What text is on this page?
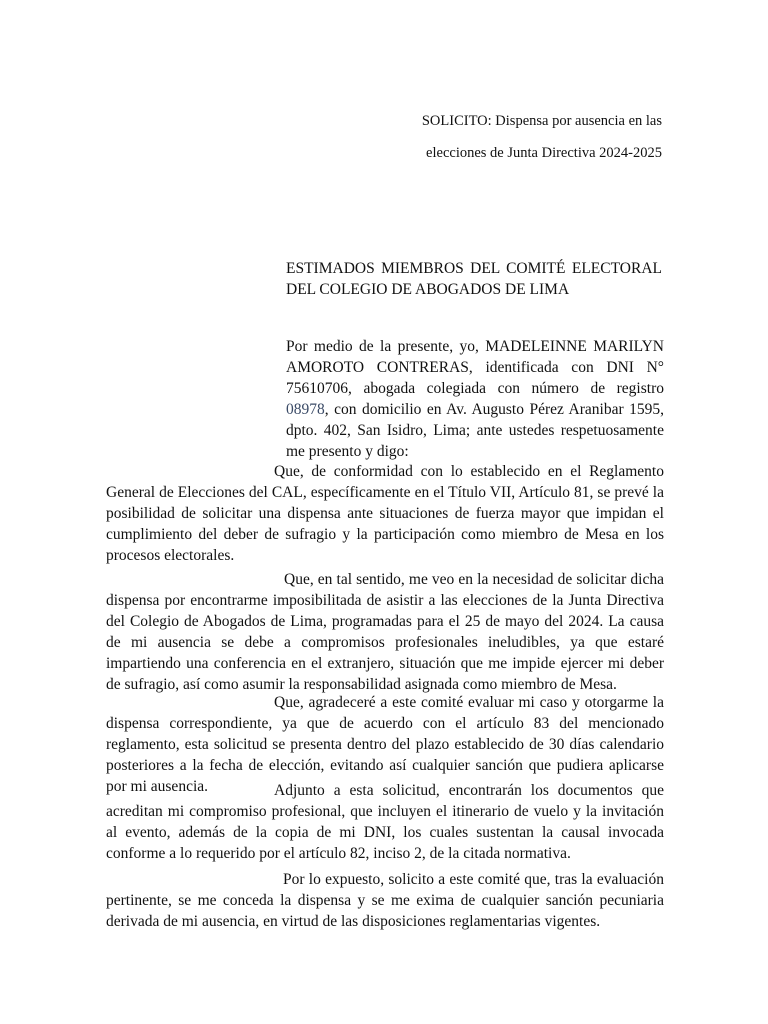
SOLICITO: Dispensa por ausencia en las
elecciones de Junta Directiva 2024-2025
ESTIMADOS MIEMBROS DEL COMITÉ ELECTORAL
DEL COLEGIO DE ABOGADOS DE LIMA
Por medio de la presente, yo, MADELEINNE MARILYN AMOROTO CONTRERAS, identificada con DNI N° 75610706, abogada colegiada con número de registro 08978, con domicilio en Av. Augusto Pérez Aranibar 1595, dpto. 402, San Isidro, Lima; ante ustedes respetuosamente me presento y digo:
Que, de conformidad con lo establecido en el Reglamento General de Elecciones del CAL, específicamente en el Título VII, Artículo 81, se prevé la posibilidad de solicitar una dispensa ante situaciones de fuerza mayor que impidan el cumplimiento del deber de sufragio y la participación como miembro de Mesa en los procesos electorales.
Que, en tal sentido, me veo en la necesidad de solicitar dicha dispensa por encontrarme imposibilitada de asistir a las elecciones de la Junta Directiva del Colegio de Abogados de Lima, programadas para el 25 de mayo del 2024. La causa de mi ausencia se debe a compromisos profesionales ineludibles, ya que estaré impartiendo una conferencia en el extranjero, situación que me impide ejercer mi deber de sufragio, así como asumir la responsabilidad asignada como miembro de Mesa.
Que, agradeceré a este comité evaluar mi caso y otorgarme la dispensa correspondiente, ya que de acuerdo con el artículo 83 del mencionado reglamento, esta solicitud se presenta dentro del plazo establecido de 30 días calendario posteriores a la fecha de elección, evitando así cualquier sanción que pudiera aplicarse por mi ausencia.	Adjunto a esta solicitud, encontrarán los documentos que acreditan mi compromiso profesional, que incluyen el itinerario de vuelo y la invitación al evento, además de la copia de mi DNI, los cuales sustentan la causal invocada conforme a lo requerido por el artículo 82, inciso 2, de la citada normativa.
Por lo expuesto, solicito a este comité que, tras la evaluación pertinente, se me conceda la dispensa y se me exima de cualquier sanción pecuniaria derivada de mi ausencia, en virtud de las disposiciones reglamentarias vigentes.
